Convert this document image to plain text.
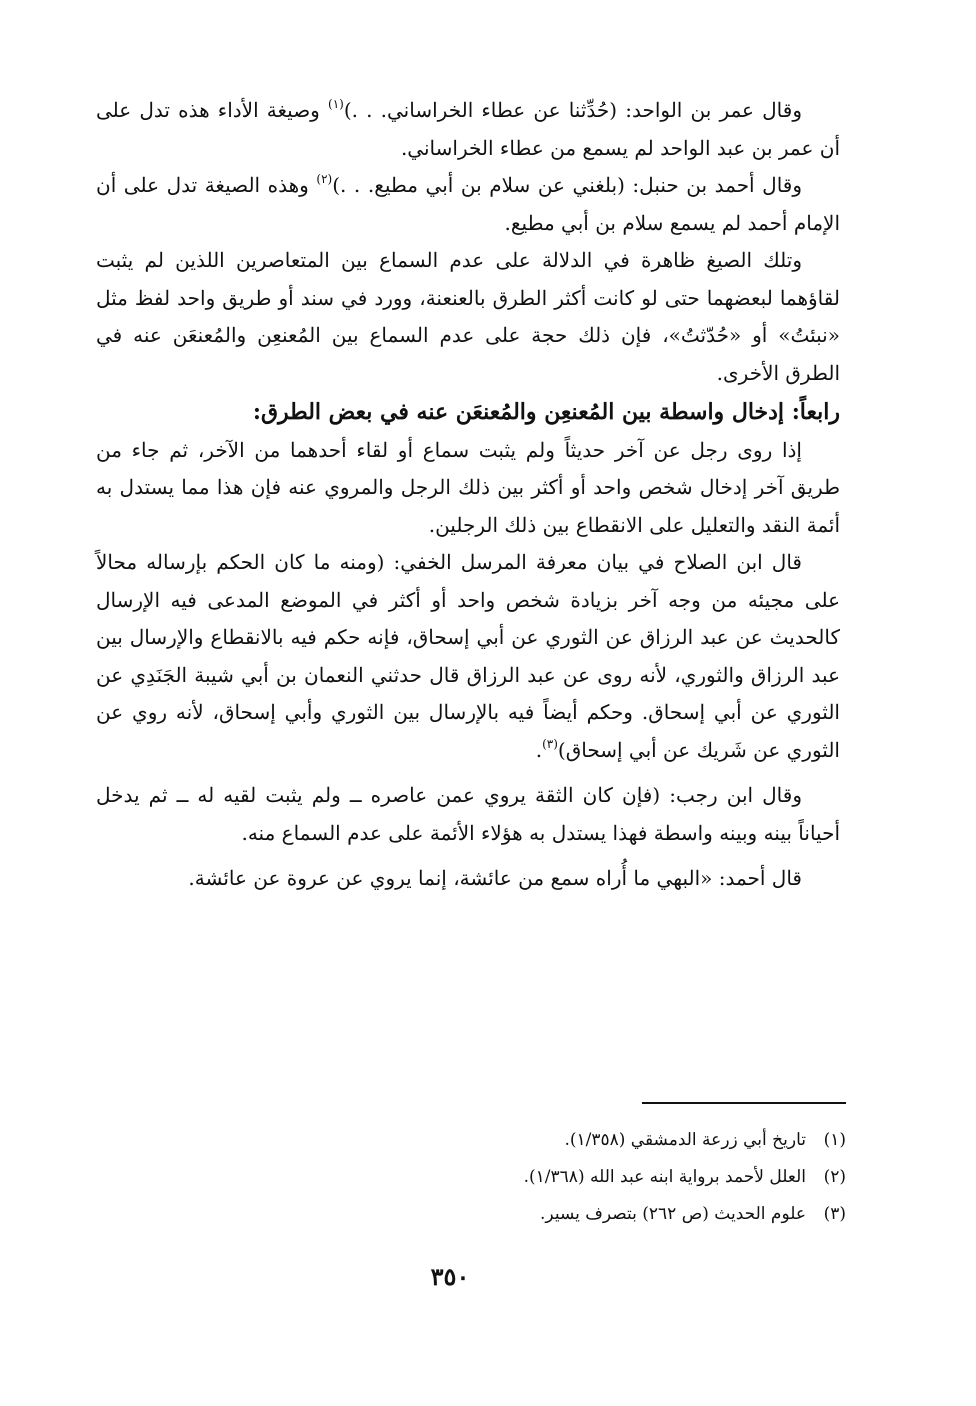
وقال عمر بن الواحد: (حُدِّثنا عن عطاء الخراساني. . .)$^{(١)}$ وصيغة الأداء هذه تدل على أن عمر بن عبد الواحد لم يسمع من عطاء الخراساني.

وقال أحمد بن حنبل: (بلغني عن سلام بن أبي مطيع. . .)$^{(٢)}$ وهذه الصيغة تدل على أن الإمام أحمد لم يسمع سلام بن أبي مطيع.

وتلك الصيغ ظاهرة في الدلالة على عدم السماع بين المتعاصرين اللذين لم يثبت لقاؤهما لبعضهما حتى لو كانت أكثر الطرق بالعنعنة، وورد في سند أو طريق واحد لفظ مثل «نبئتُ» أو «حُدّثتُ»، فإن ذلك حجة على عدم السماع بين المُعنعِن والمُعنعَن عنه في الطرق الأخرى.

رابعاً: إدخال واسطة بين المُعنعِن والمُعنعَن عنه في بعض الطرق:

إذا روى رجل عن آخر حديثاً ولم يثبت سماع أو لقاء أحدهما من الآخر، ثم جاء من طريق آخر إدخال شخص واحد أو أكثر بين ذلك الرجل والمروي عنه فإن هذا مما يستدل به أئمة النقد والتعليل على الانقطاع بين ذلك الرجلين.

قال ابن الصلاح في بيان معرفة المرسل الخفي: (ومنه ما كان الحكم بإرساله محالاً على مجيئه من وجه آخر بزيادة شخص واحد أو أكثر في الموضع المدعى فيه الإرسال كالحديث عن عبد الرزاق عن الثوري عن أبي إسحاق، فإنه حكم فيه بالانقطاع والإرسال بين عبد الرزاق والثوري، لأنه روى عن عبد الرزاق قال حدثني النعمان بن أبي شيبة الجَنَدِي عن الثوري عن أبي إسحاق. وحكم أيضاً فيه بالإرسال بين الثوري وأبي إسحاق، لأنه روي عن الثوري عن شَريك عن أبي إسحاق)$^{(٣)}$.

وقال ابن رجب: (فإن كان الثقة يروي عمن عاصره ــ ولم يثبت لقيه له ــ ثم يدخل أحياناً بينه وبينه واسطة فهذا يستدل به هؤلاء الأئمة على عدم السماع منه.

قال أحمد: «البهي ما أُراه سمع من عائشة، إنما يروي عن عروة عن عائشة.

(١)تاريخ أبي زرعة الدمشقي (١/٣٥٨).
(٢)العلل لأحمد برواية ابنه عبد الله (١/٣٦٨).
(٣)علوم الحديث (ص ٢٦٢) بتصرف يسير.
٣٥٠
